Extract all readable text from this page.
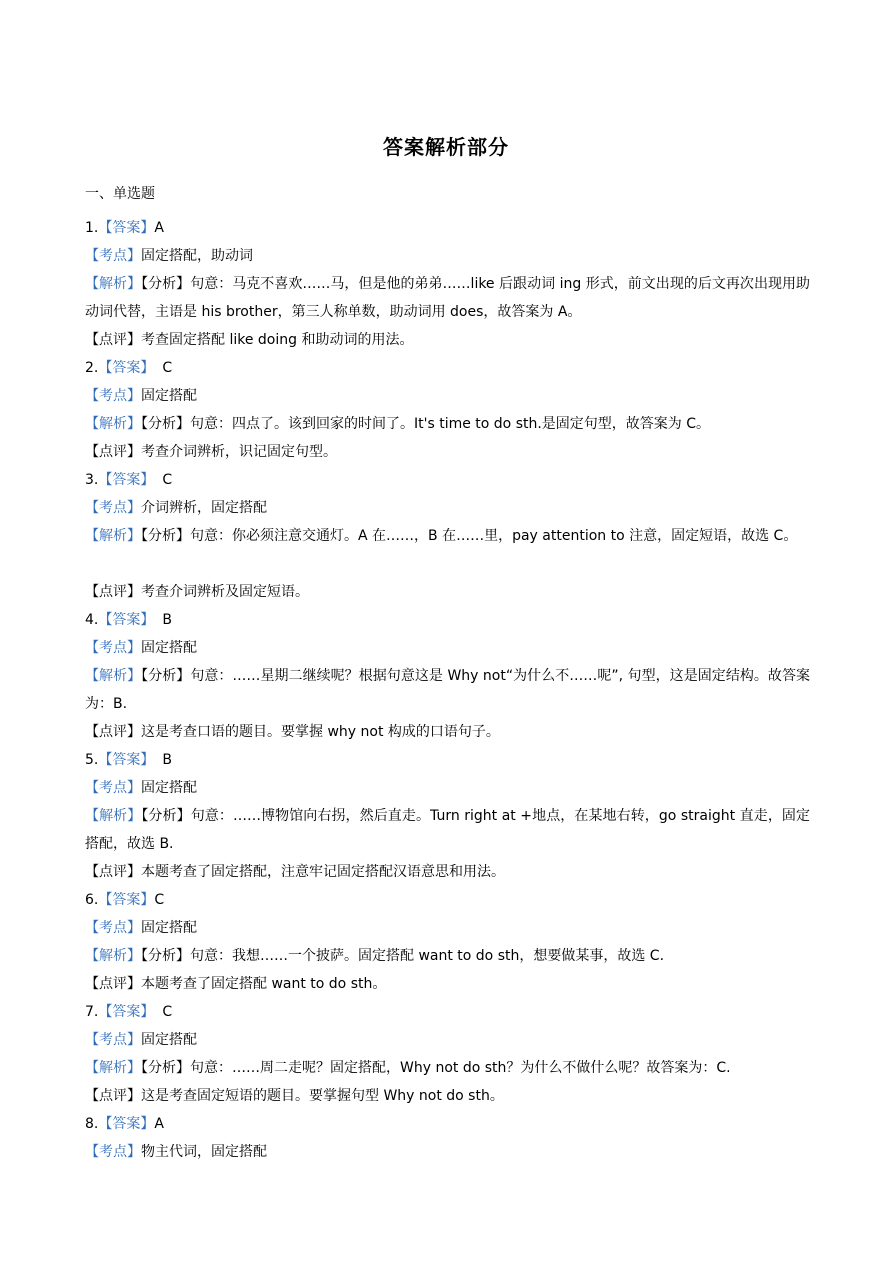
答案解析部分
一、单选题
1.【答案】A
【考点】固定搭配，助动词
【解析】【分析】句意：马克不喜欢……马，但是他的弟弟……like 后跟动词 ing 形式，前文出现的后文再次出现用助动词代替，主语是 his brother，第三人称单数，助动词用 does，故答案为 A。
【点评】考查固定搭配 like doing 和助动词的用法。
2.【答案】 C
【考点】固定搭配
【解析】【分析】句意：四点了。该到回家的时间了。It's time to do sth.是固定句型，故答案为 C。
【点评】考查介词辨析，识记固定句型。
3.【答案】 C
【考点】介词辨析，固定搭配
【解析】【分析】句意：你必须注意交通灯。A 在……，B 在……里，pay attention to 注意，固定短语，故选 C。
【点评】考查介词辨析及固定短语。
4.【答案】 B
【考点】固定搭配
【解析】【分析】句意：……星期二继续呢？根据句意这是 Why not“为什么不……呢”, 句型，这是固定结构。故答案为：B.
【点评】这是考查口语的题目。要掌握 why not 构成的口语句子。
5.【答案】 B
【考点】固定搭配
【解析】【分析】句意：……博物馆向右拐，然后直走。Turn right at +地点，在某地右转，go straight 直走，固定搭配，故选 B.
【点评】本题考查了固定搭配，注意牢记固定搭配汉语意思和用法。
6.【答案】C
【考点】固定搭配
【解析】【分析】句意：我想……一个披萨。固定搭配 want to do sth，想要做某事，故选 C.
【点评】本题考查了固定搭配 want to do sth。
7.【答案】 C
【考点】固定搭配
【解析】【分析】句意：……周二走呢？固定搭配，Why not do sth？为什么不做什么呢？故答案为：C.
【点评】这是考查固定短语的题目。要掌握句型 Why not do sth。
8.【答案】A
【考点】物主代词，固定搭配
